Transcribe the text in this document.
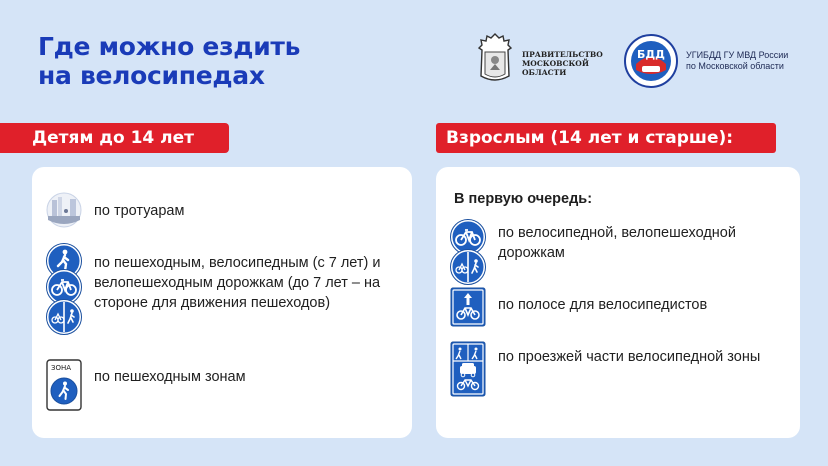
Где можно ездить
на велосипедах
ПРАВИТЕЛЬСТВО
МОСКОВСКОЙ
ОБЛАСТИ
БДД УГИБДД ГУ МВД России
по Московской области
Детям до 14 лет	Взрослым (14 лет и старше):
по тротуарам
по пешеходным, велосипедным (с 7 лет) и велопешеходным дорожкам (до 7 лет – на стороне для движения пешеходов)
ЗОНА
по пешеходным зонам
В первую очередь:
по велосипедной, велопешеходной дорожкам
по полосе для велосипедистов
по проезжей части велосипедной зоны
